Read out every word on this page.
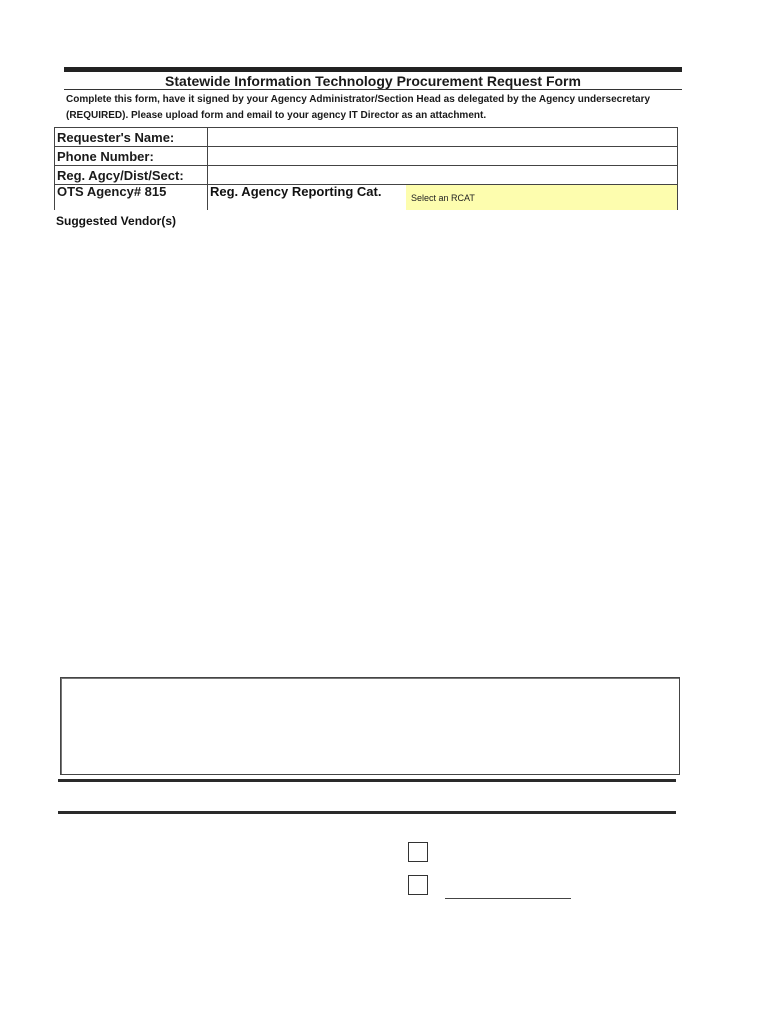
Statewide Information Technology Procurement Request Form
Complete this form, have it signed by your Agency Administrator/Section Head as delegated by the Agency undersecretary (REQUIRED). Please upload form and email to your agency IT Director as an attachment.
Requester's Name:
Phone Number:
Reg. Agcy/Dist/Sect:
OTS Agency# 815	Reg. Agency Reporting Cat.	Select an RCAT
Suggested Vendor(s)
